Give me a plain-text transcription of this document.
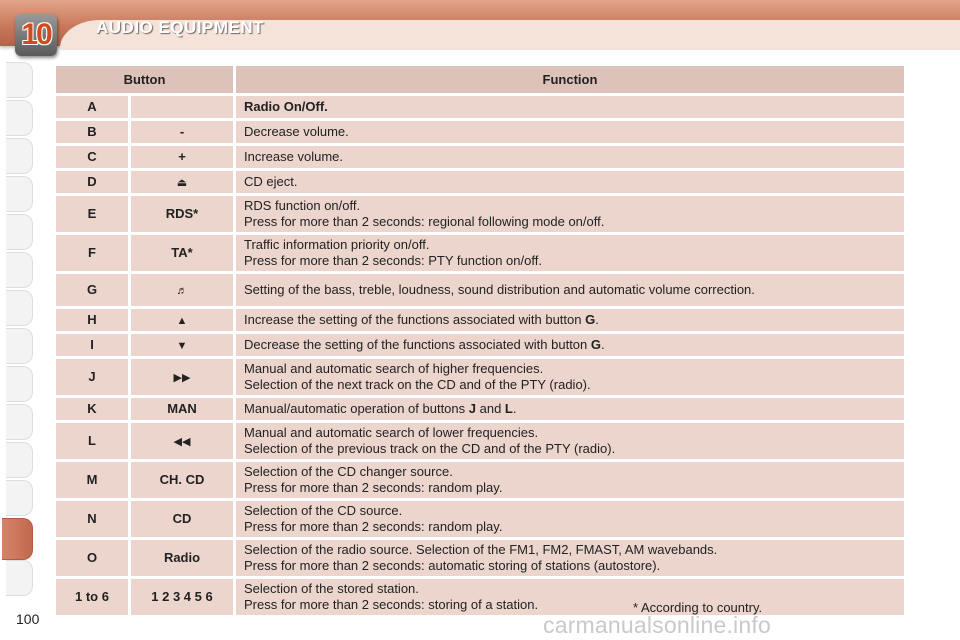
10	AUDIO EQUIPMENT
Button		Function
A		Radio On/Off.

B	-	Decrease volume.

C	+	Increase volume.

D	⏏	CD eject.

E	RDS*	RDS function on/off.
Press for more than 2 seconds: regional following mode on/off.

F	TA*	Traffic information priority on/off.
Press for more than 2 seconds: PTY function on/off.

G	♬	Setting of the bass, treble, loudness, sound distribution and automatic volume correction.

H	▲	Increase the setting of the functions associated with button G.

I	▼	Decrease the setting of the functions associated with button G.

J	▶▶	Manual and automatic search of higher frequencies.
Selection of the next track on the CD and of the PTY (radio).

K	MAN	Manual/automatic operation of buttons J and L.

L	◀◀	Manual and automatic search of lower frequencies.
Selection of the previous track on the CD and of the PTY (radio).

M	CH. CD	Selection of the CD changer source.
Press for more than 2 seconds: random play.

N	CD	Selection of the CD source.
Press for more than 2 seconds: random play.

O	Radio	Selection of the radio source. Selection of the FM1, FM2, FMAST, AM wavebands.
Press for more than 2 seconds: automatic storing of stations (autostore).

1 to 6	1 2 3 4 5 6	Selection of the stored station.
Press for more than 2 seconds: storing of a station.	* According to country.
100	carmanualsonline.info
